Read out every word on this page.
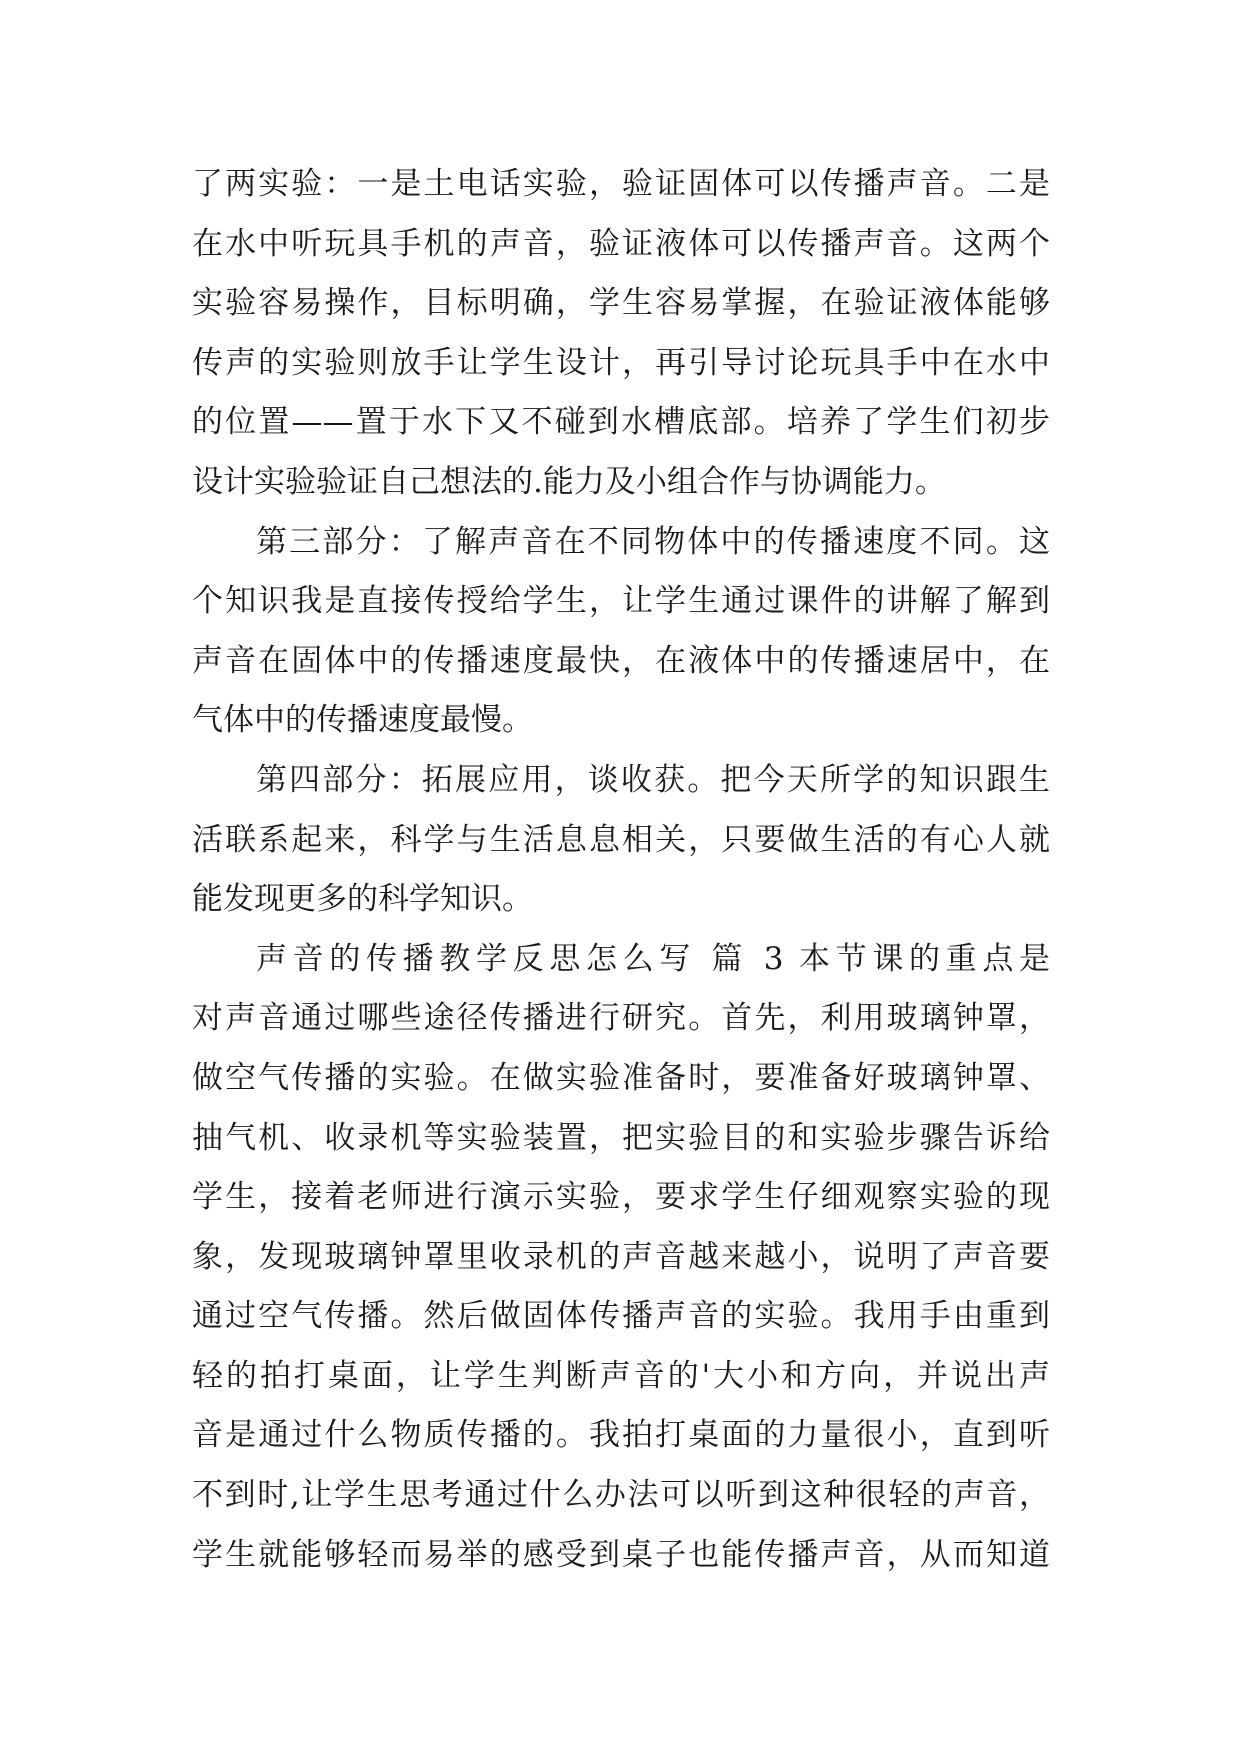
了两实验：一是土电话实验，验证固体可以传播声音。二是
在水中听玩具手机的声音，验证液体可以传播声音。这两个
实验容易操作，目标明确，学生容易掌握，在验证液体能够
传声的实验则放手让学生设计，再引导讨论玩具手中在水中
的位置——置于水下又不碰到水槽底部。培养了学生们初步
设计实验验证自己想法的.能力及小组合作与协调能力。
第三部分：了解声音在不同物体中的传播速度不同。这
个知识我是直接传授给学生，让学生通过课件的讲解了解到
声音在固体中的传播速度最快，在液体中的传播速居中，在
气体中的传播速度最慢。
第四部分：拓展应用，谈收获。把今天所学的知识跟生
活联系起来，科学与生活息息相关，只要做生活的有心人就
能发现更多的科学知识。
声音的传播教学反思怎么写 篇 3 本节课的重点是
对声音通过哪些途径传播进行研究。首先，利用玻璃钟罩，
做空气传播的实验。在做实验准备时，要准备好玻璃钟罩、
抽气机、收录机等实验装置，把实验目的和实验步骤告诉给
学生，接着老师进行演示实验，要求学生仔细观察实验的现
象，发现玻璃钟罩里收录机的声音越来越小，说明了声音要
通过空气传播。然后做固体传播声音的实验。我用手由重到
轻的拍打桌面，让学生判断声音的'大小和方向，并说出声
音是通过什么物质传播的。我拍打桌面的力量很小，直到听
不到时,让学生思考通过什么办法可以听到这种很轻的声音，
学生就能够轻而易举的感受到桌子也能传播声音，从而知道
